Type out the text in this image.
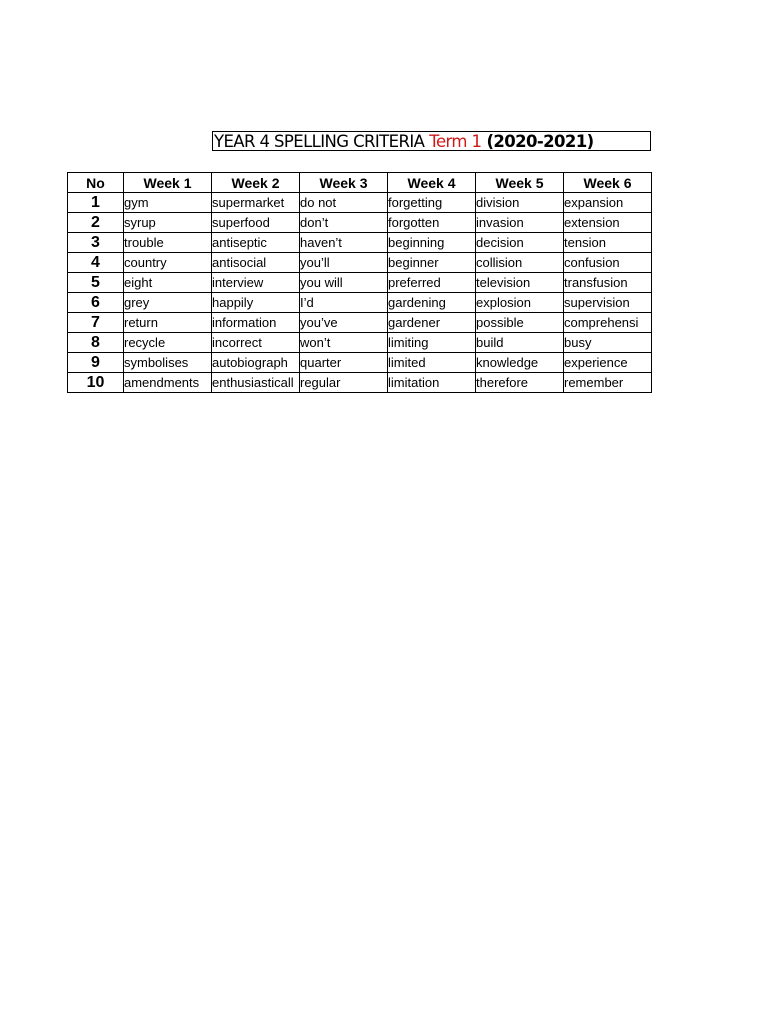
YEAR 4 SPELLING CRITERIA Term 1 (2020-2021)
No	Week 1	Week 2	Week 3	Week 4	Week 5	Week 6
1	gym	supermarket	do not	forgetting	division	expansion
2	syrup	superfood	don’t	forgotten	invasion	extension
3	trouble	antiseptic	haven’t	beginning	decision	tension
4	country	antisocial	you’ll	beginner	collision	confusion
5	eight	interview	you will	preferred	television	transfusion
6	grey	happily	I’d	gardening	explosion	supervision
7	return	information	you’ve	gardener	possible	comprehensi
8	recycle	incorrect	won’t	limiting	build	busy
9	symbolises	autobiograph	quarter	limited	knowledge	experience
10	amendments	enthusiasticall	regular	limitation	therefore	remember
